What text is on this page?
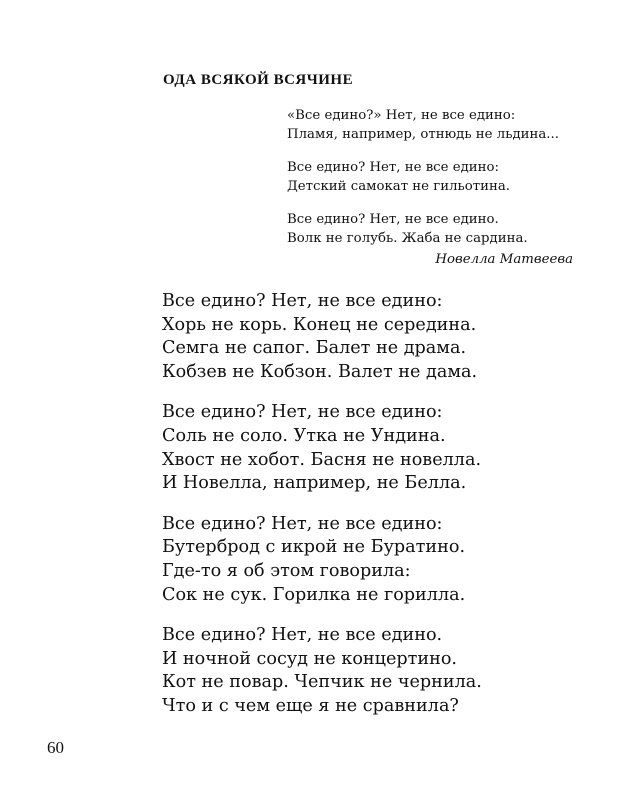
ОДА ВСЯКОЙ ВСЯЧИНЕ
«Все едино?» Нет, не все едино:
Пламя, например, отнюдь не льдина...
Все едино? Нет, не все едино:
Детский самокат не гильотина.
Все едино? Нет, не все едино.
Волк не голубь. Жаба не сардина.
Новелла Матвеева
Все едино? Нет, не все едино:
Хорь не корь. Конец не середина.
Семга не сапог. Балет не драма.
Кобзев не Кобзон. Валет не дама.
Все едино? Нет, не все едино:
Соль не соло. Утка не Ундина.
Хвост не хобот. Басня не новелла.
И Новелла, например, не Белла.
Все едино? Нет, не все едино:
Бутерброд с икрой не Буратино.
Где-то я об этом говорила:
Сок не сук. Горилка не горилла.
Все едино? Нет, не все едино.
И ночной сосуд не концертино.
Кот не повар. Чепчик не чернила.
Что и с чем еще я не сравнила?
60
